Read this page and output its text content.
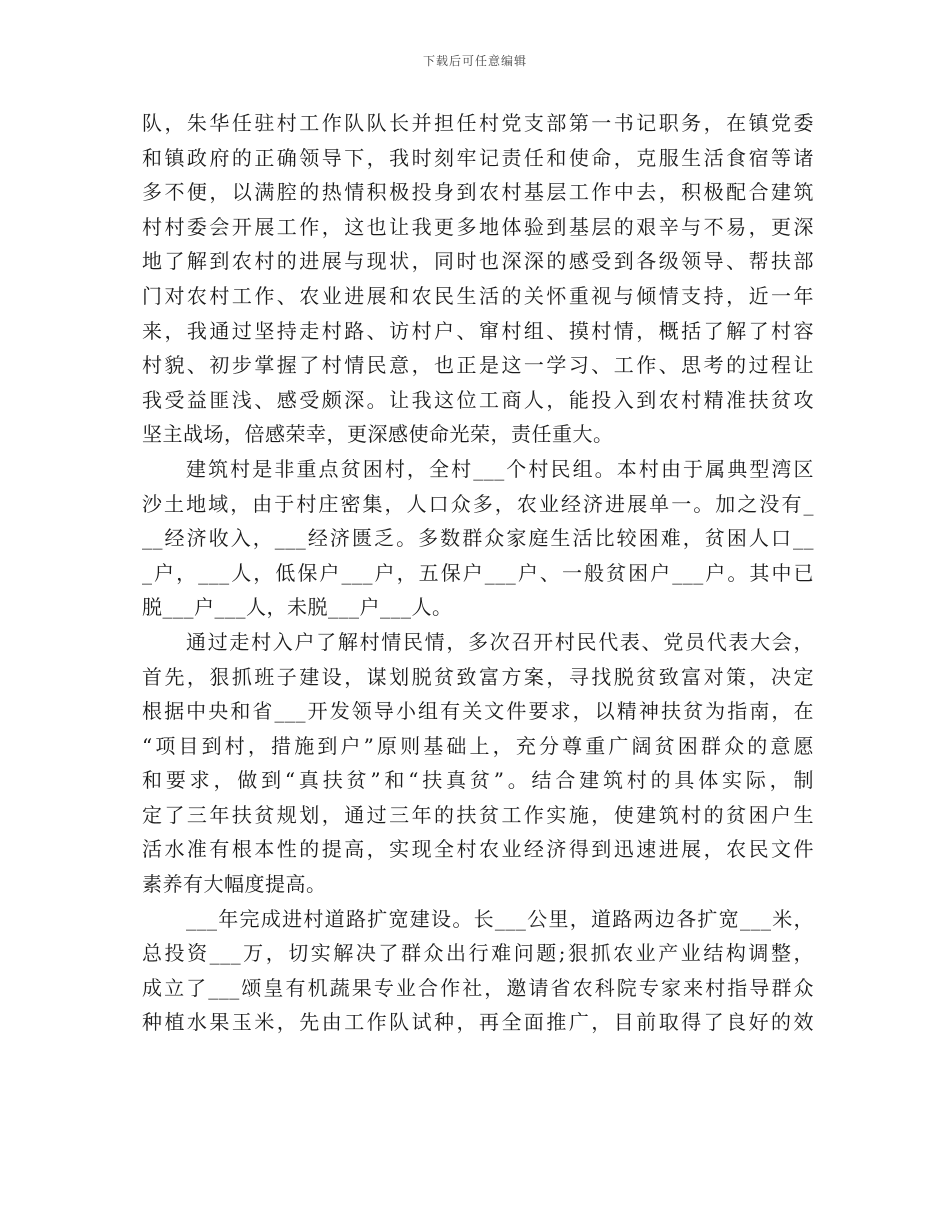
下载后可任意编辑
队，朱华任驻村工作队队长并担任村党支部第一书记职务，在镇党委
和镇政府的正确领导下，我时刻牢记责任和使命，克服生活食宿等诸
多不便，以满腔的热情积极投身到农村基层工作中去，积极配合建筑
村村委会开展工作，这也让我更多地体验到基层的艰辛与不易，更深
地了解到农村的进展与现状，同时也深深的感受到各级领导、帮扶部
门对农村工作、农业进展和农民生活的关怀重视与倾情支持，近一年
来，我通过坚持走村路、访村户、窜村组、摸村情，概括了解了村容
村貌、初步掌握了村情民意，也正是这一学习、工作、思考的过程让
我受益匪浅、感受颇深。让我这位工商人，能投入到农村精准扶贫攻
坚主战场，倍感荣幸，更深感使命光荣，责任重大。
建筑村是非重点贫困村，全村___个村民组。本村由于属典型湾区
沙土地域，由于村庄密集，人口众多，农业经济进展单一。加之没有_
__经济收入，___经济匮乏。多数群众家庭生活比较困难，贫困人口__
_户，___人，低保户___户，五保户___户、一般贫困户___户。其中已
脱___户___人，未脱___户___人。
通过走村入户了解村情民情，多次召开村民代表、党员代表大会，
首先，狠抓班子建设，谋划脱贫致富方案，寻找脱贫致富对策，决定
根据中央和省___开发领导小组有关文件要求，以精神扶贫为指南，在
“项目到村，措施到户”原则基础上，充分尊重广阔贫困群众的意愿
和要求，做到“真扶贫”和“扶真贫”。结合建筑村的具体实际，制
定了三年扶贫规划，通过三年的扶贫工作实施，使建筑村的贫困户生
活水准有根本性的提高，实现全村农业经济得到迅速进展，农民文件
素养有大幅度提高。
___年完成进村道路扩宽建设。长___公里，道路两边各扩宽___米，
总投资___万，切实解决了群众出行难问题;狠抓农业产业结构调整，
成立了___颂皇有机蔬果专业合作社，邀请省农科院专家来村指导群众
种植水果玉米，先由工作队试种，再全面推广，目前取得了良好的效
